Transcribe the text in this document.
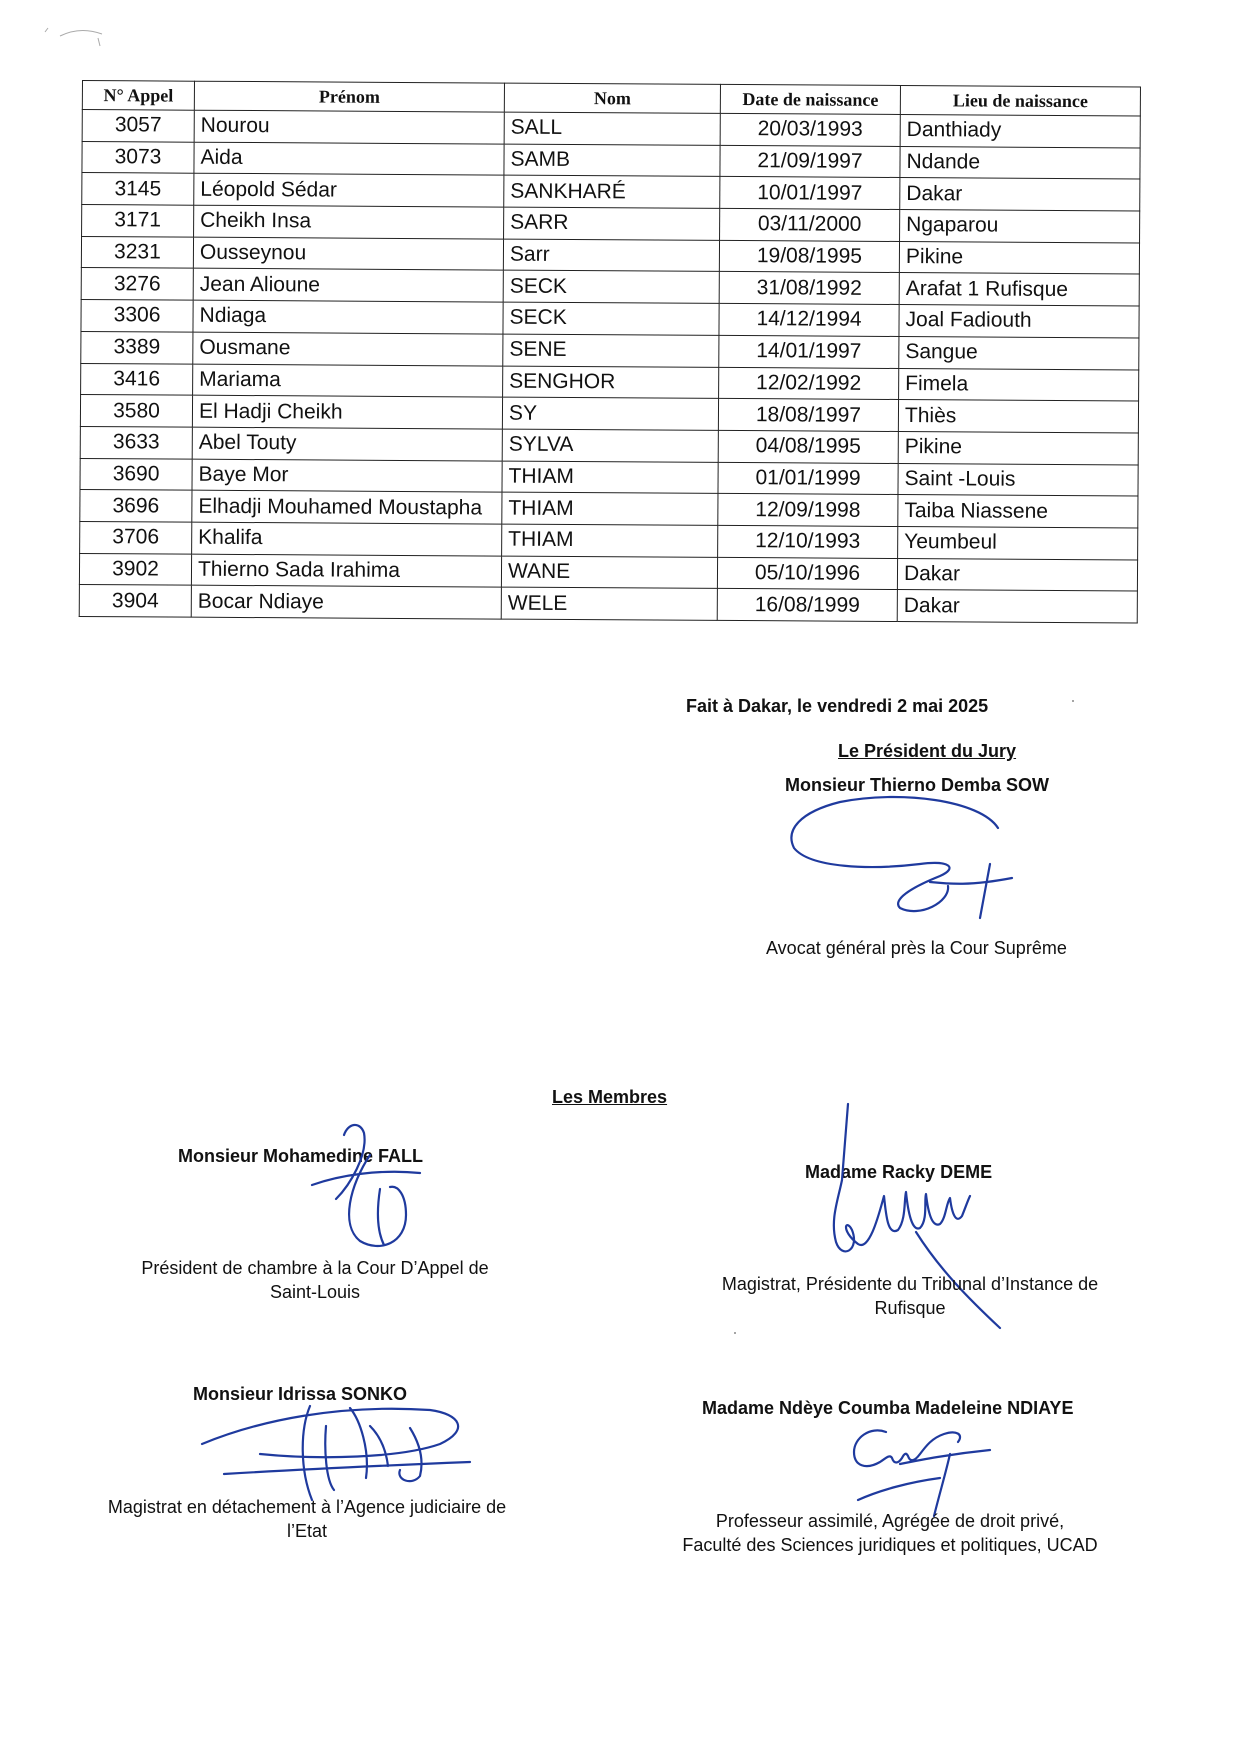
N° Appel	Prénom	Nom	Date de naissance	Lieu de naissance
3057	Nourou	SALL	20/03/1993	Danthiady
3073	Aida	SAMB	21/09/1997	Ndande
3145	Léopold Sédar	SANKHARÉ	10/01/1997	Dakar
3171	Cheikh Insa	SARR	03/11/2000	Ngaparou
3231	Ousseynou	Sarr	19/08/1995	Pikine
3276	Jean Alioune	SECK	31/08/1992	Arafat 1 Rufisque
3306	Ndiaga	SECK	14/12/1994	Joal Fadiouth
3389	Ousmane	SENE	14/01/1997	Sangue
3416	Mariama	SENGHOR	12/02/1992	Fimela
3580	El Hadji Cheikh	SY	18/08/1997	Thiès
3633	Abel Touty	SYLVA	04/08/1995	Pikine
3690	Baye Mor	THIAM	01/01/1999	Saint -Louis
3696	Elhadji Mouhamed Moustapha	THIAM	12/09/1998	Taiba Niassene
3706	Khalifa	THIAM	12/10/1993	Yeumbeul
3902	Thierno Sada Irahima	WANE	05/10/1996	Dakar
3904	Bocar Ndiaye	WELE	16/08/1999	Dakar
Fait à Dakar, le vendredi 2 mai 2025
Le Président du Jury
Monsieur Thierno Demba SOW
Avocat général près la Cour Suprême
Les Membres
Monsieur Mohamedine FALL
Président de chambre à la Cour D’Appel de
Saint-Louis
Madame Racky DEME
Magistrat, Présidente du Tribunal d’Instance de
Rufisque
Monsieur Idrissa SONKO
Magistrat en détachement à l’Agence judiciaire de
l’Etat
Madame Ndèye Coumba Madeleine NDIAYE
Professeur assimilé, Agrégée de droit privé,
Faculté des Sciences juridiques et politiques, UCAD
